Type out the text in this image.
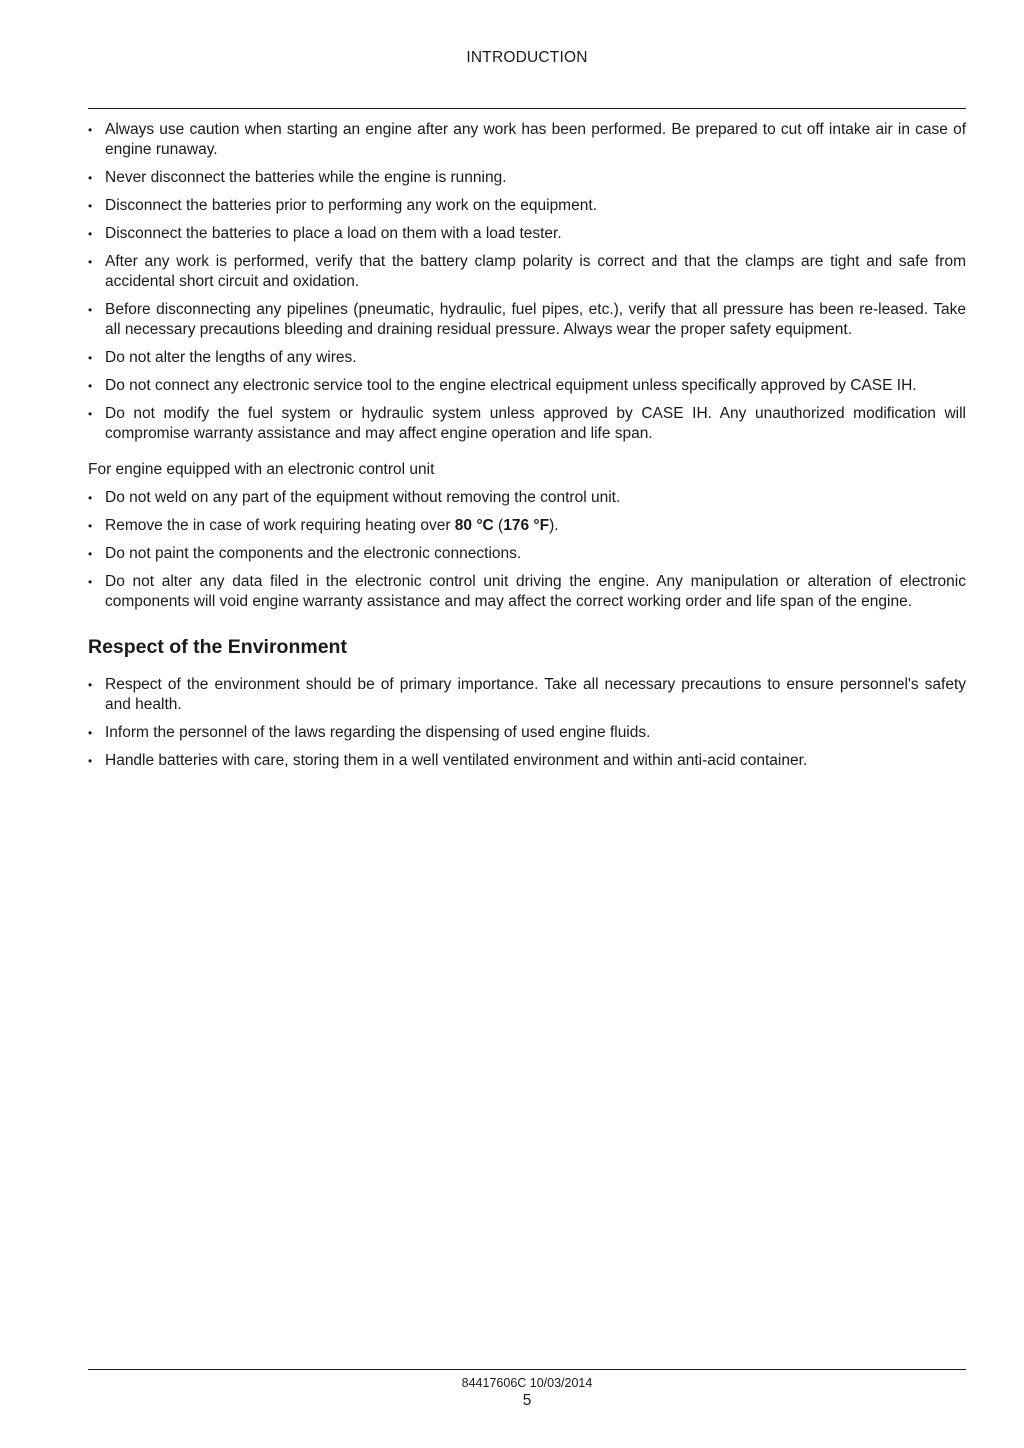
INTRODUCTION
• Always use caution when starting an engine after any work has been performed. Be prepared to cut off intake air in case of engine runaway.
• Never disconnect the batteries while the engine is running.
• Disconnect the batteries prior to performing any work on the equipment.
• Disconnect the batteries to place a load on them with a load tester.
• After any work is performed, verify that the battery clamp polarity is correct and that the clamps are tight and safe from accidental short circuit and oxidation.
• Before disconnecting any pipelines (pneumatic, hydraulic, fuel pipes, etc.), verify that all pressure has been re-leased. Take all necessary precautions bleeding and draining residual pressure. Always wear the proper safety equipment.
• Do not alter the lengths of any wires.
• Do not connect any electronic service tool to the engine electrical equipment unless specifically approved by CASE IH.
• Do not modify the fuel system or hydraulic system unless approved by CASE IH. Any unauthorized modification will compromise warranty assistance and may affect engine operation and life span.
For engine equipped with an electronic control unit
• Do not weld on any part of the equipment without removing the control unit.
• Remove the in case of work requiring heating over 80 °C (176 °F).
• Do not paint the components and the electronic connections.
• Do not alter any data filed in the electronic control unit driving the engine. Any manipulation or alteration of electronic components will void engine warranty assistance and may affect the correct working order and life span of the engine.
Respect of the Environment
• Respect of the environment should be of primary importance. Take all necessary precautions to ensure personnel's safety and health.
• Inform the personnel of the laws regarding the dispensing of used engine fluids.
• Handle batteries with care, storing them in a well ventilated environment and within anti-acid container.
84417606C 10/03/2014
5
